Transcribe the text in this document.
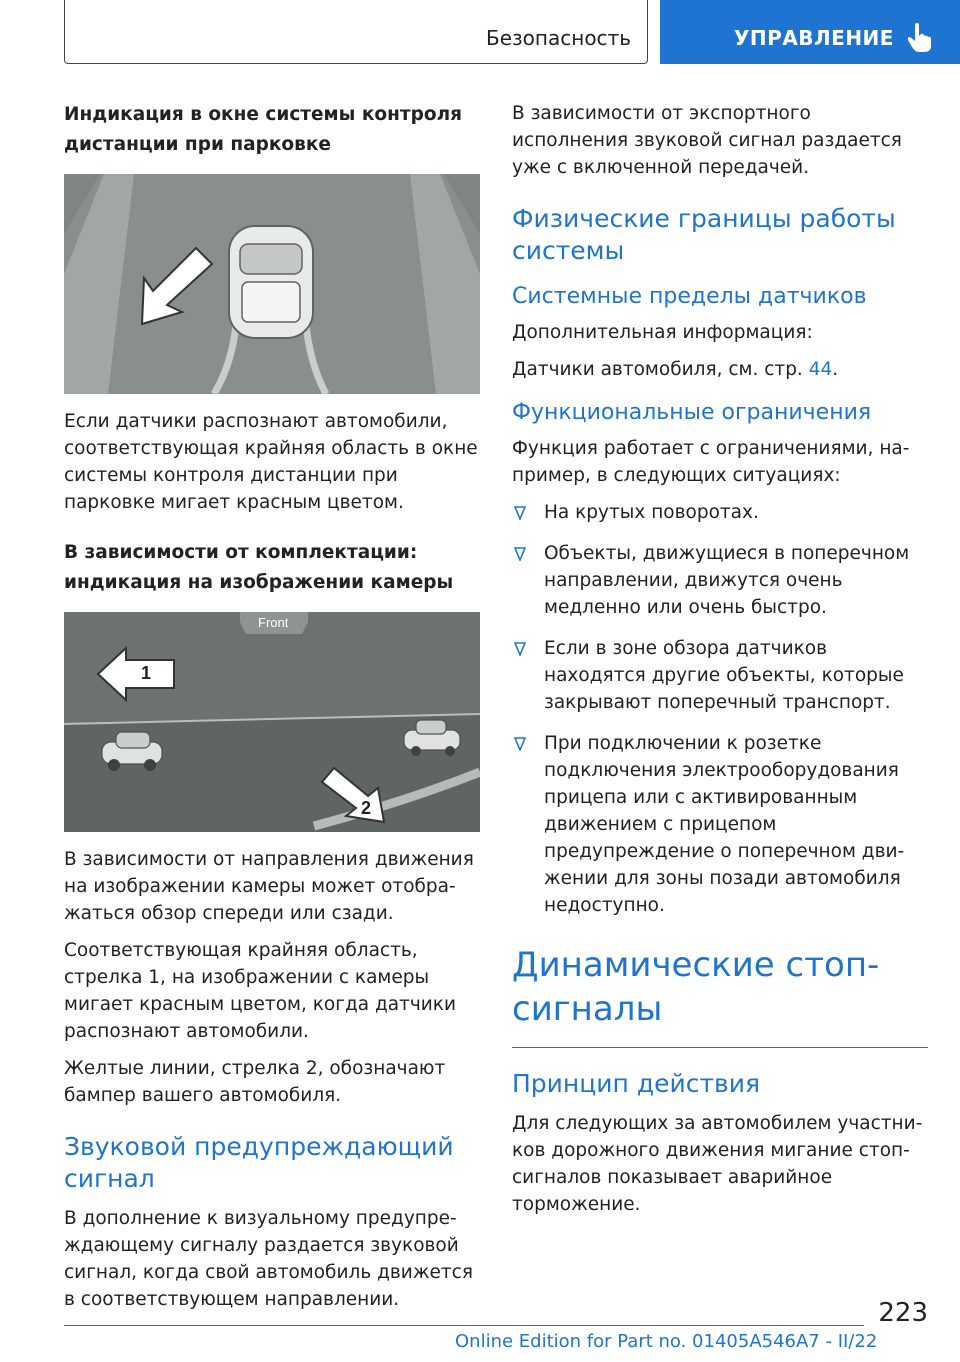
Безопасность	УПРАВЛЕНИЕ
Индикация в окне системы контроля дистанции при парковке

Если датчики распознают автомобили, соответствующая крайняя область в окне системы контроля дистанции при парковке мигает красным цветом.

В зависимости от комплектации: индикация на изображении камеры
Front
1
2

В зависимости от направления движения на изображении камеры может отображаться обзор спереди или сзади.

Соответствующая крайняя область, стрелка 1, на изображении с камеры мигает красным цветом, когда датчики распознают автомобили.

Желтые линии, стрелка 2, обозначают бампер вашего автомобиля.

Звуковой предупреждающий сигнал

В дополнение к визуальному предупреждающему сигналу раздается звуковой сигнал, когда свой автомобиль движется в соответствующем направлении.

В зависимости от экспортного исполнения звуковой сигнал раздается уже с включенной передачей.

Физические границы работы системы
Системные пределы датчиков

Дополнительная информация:

Датчики автомобиля, см. стр. 44.

Функциональные ограничения

Функция работает с ограничениями, например, в следующих ситуациях:

На крутых поворотах.
Объекты, движущиеся в поперечном направлении, движутся очень медленно или очень быстро.
Если в зоне обзора датчиков находятся другие объекты, которые закрывают поперечный транспорт.
При подключении к розетке подключения электрооборудования прицепа или с активированным движением с прицепом предупреждение о поперечном движении для зоны позади автомобиля недоступно.
Динамические стоп-сигналы
Принцип действия

Для следующих за автомобилем участников дорожного движения мигание стоп-сигналов показывает аварийное торможение.

223
Online Edition for Part no. 01405A546A7 - II/22
